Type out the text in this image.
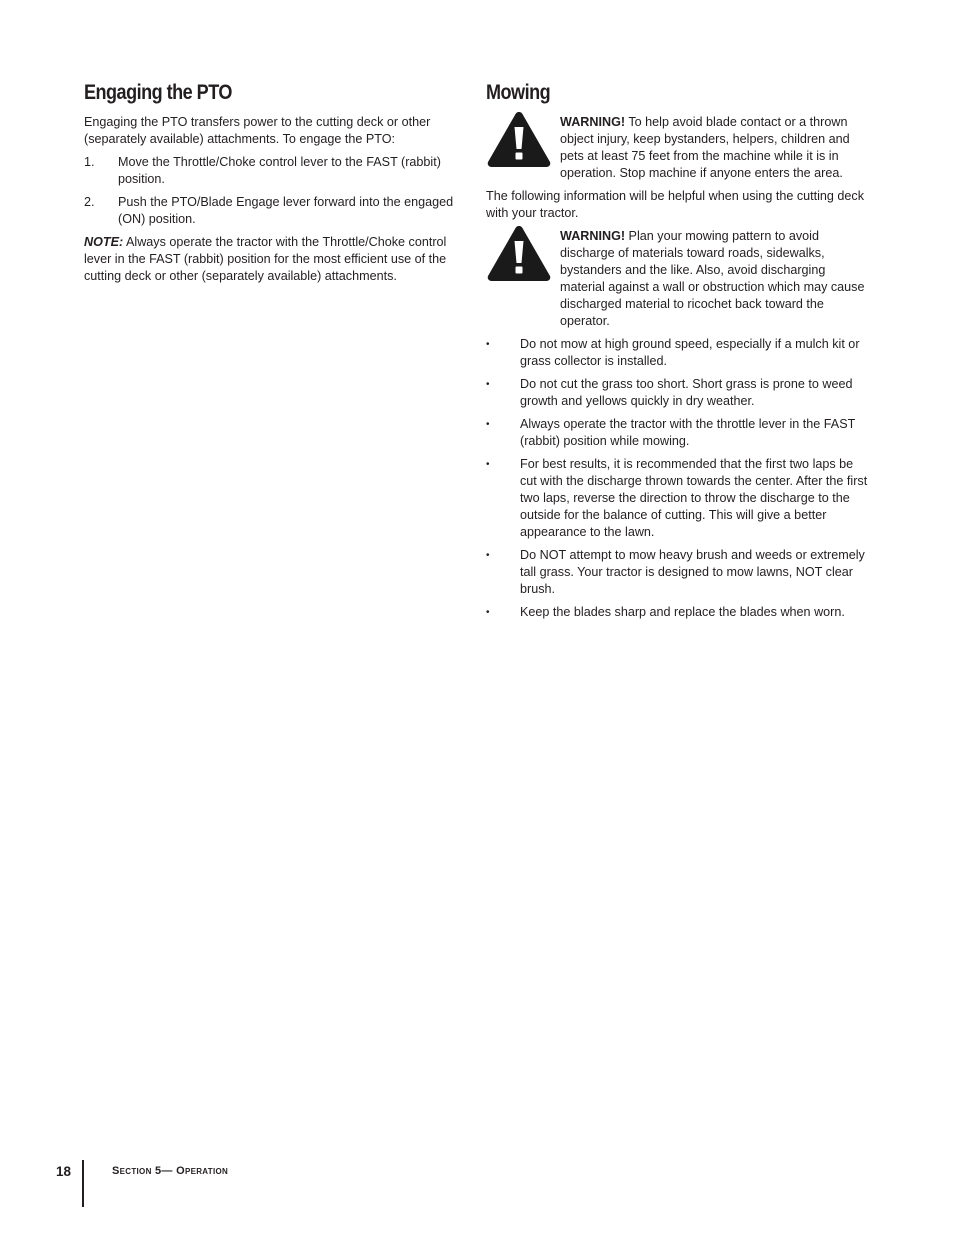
Engaging the PTO

Engaging the PTO transfers power to the cutting deck or other (separately available) attachments. To engage the PTO:

1. Move the Throttle/Choke control lever to the FAST (rabbit) position.
2. Push the PTO/Blade Engage lever forward into the engaged (ON) position.

NOTE: Always operate the tractor with the Throttle/Choke control lever in the FAST (rabbit) position for the most efficient use of the cutting deck or other (separately available) attachments.

Mowing
WARNING! To help avoid blade contact or a thrown object injury, keep bystanders, helpers, children and pets at least 75 feet from the machine while it is in operation. Stop machine if anyone enters the area.

The following information will be helpful when using the cutting deck with your tractor.

WARNING! Plan your mowing pattern to avoid discharge of materials toward roads, sidewalks, bystanders and the like. Also, avoid discharging material against a wall or obstruction which may cause discharged material to ricochet back toward the operator.
• Do not mow at high ground speed, especially if a mulch kit or grass collector is installed.
• Do not cut the grass too short. Short grass is prone to weed growth and yellows quickly in dry weather.
• Always operate the tractor with the throttle lever in the FAST (rabbit) position while mowing.
• For best results, it is recommended that the first two laps be cut with the discharge thrown towards the center. After the first two laps, reverse the direction to throw the discharge to the outside for the balance of cutting. This will give a better appearance to the lawn.
• Do NOT attempt to mow heavy brush and weeds or extremely tall grass. Your tractor is designed to mow lawns, NOT clear brush.
• Keep the blades sharp and replace the blades when worn.
18	Section 5— Operation
